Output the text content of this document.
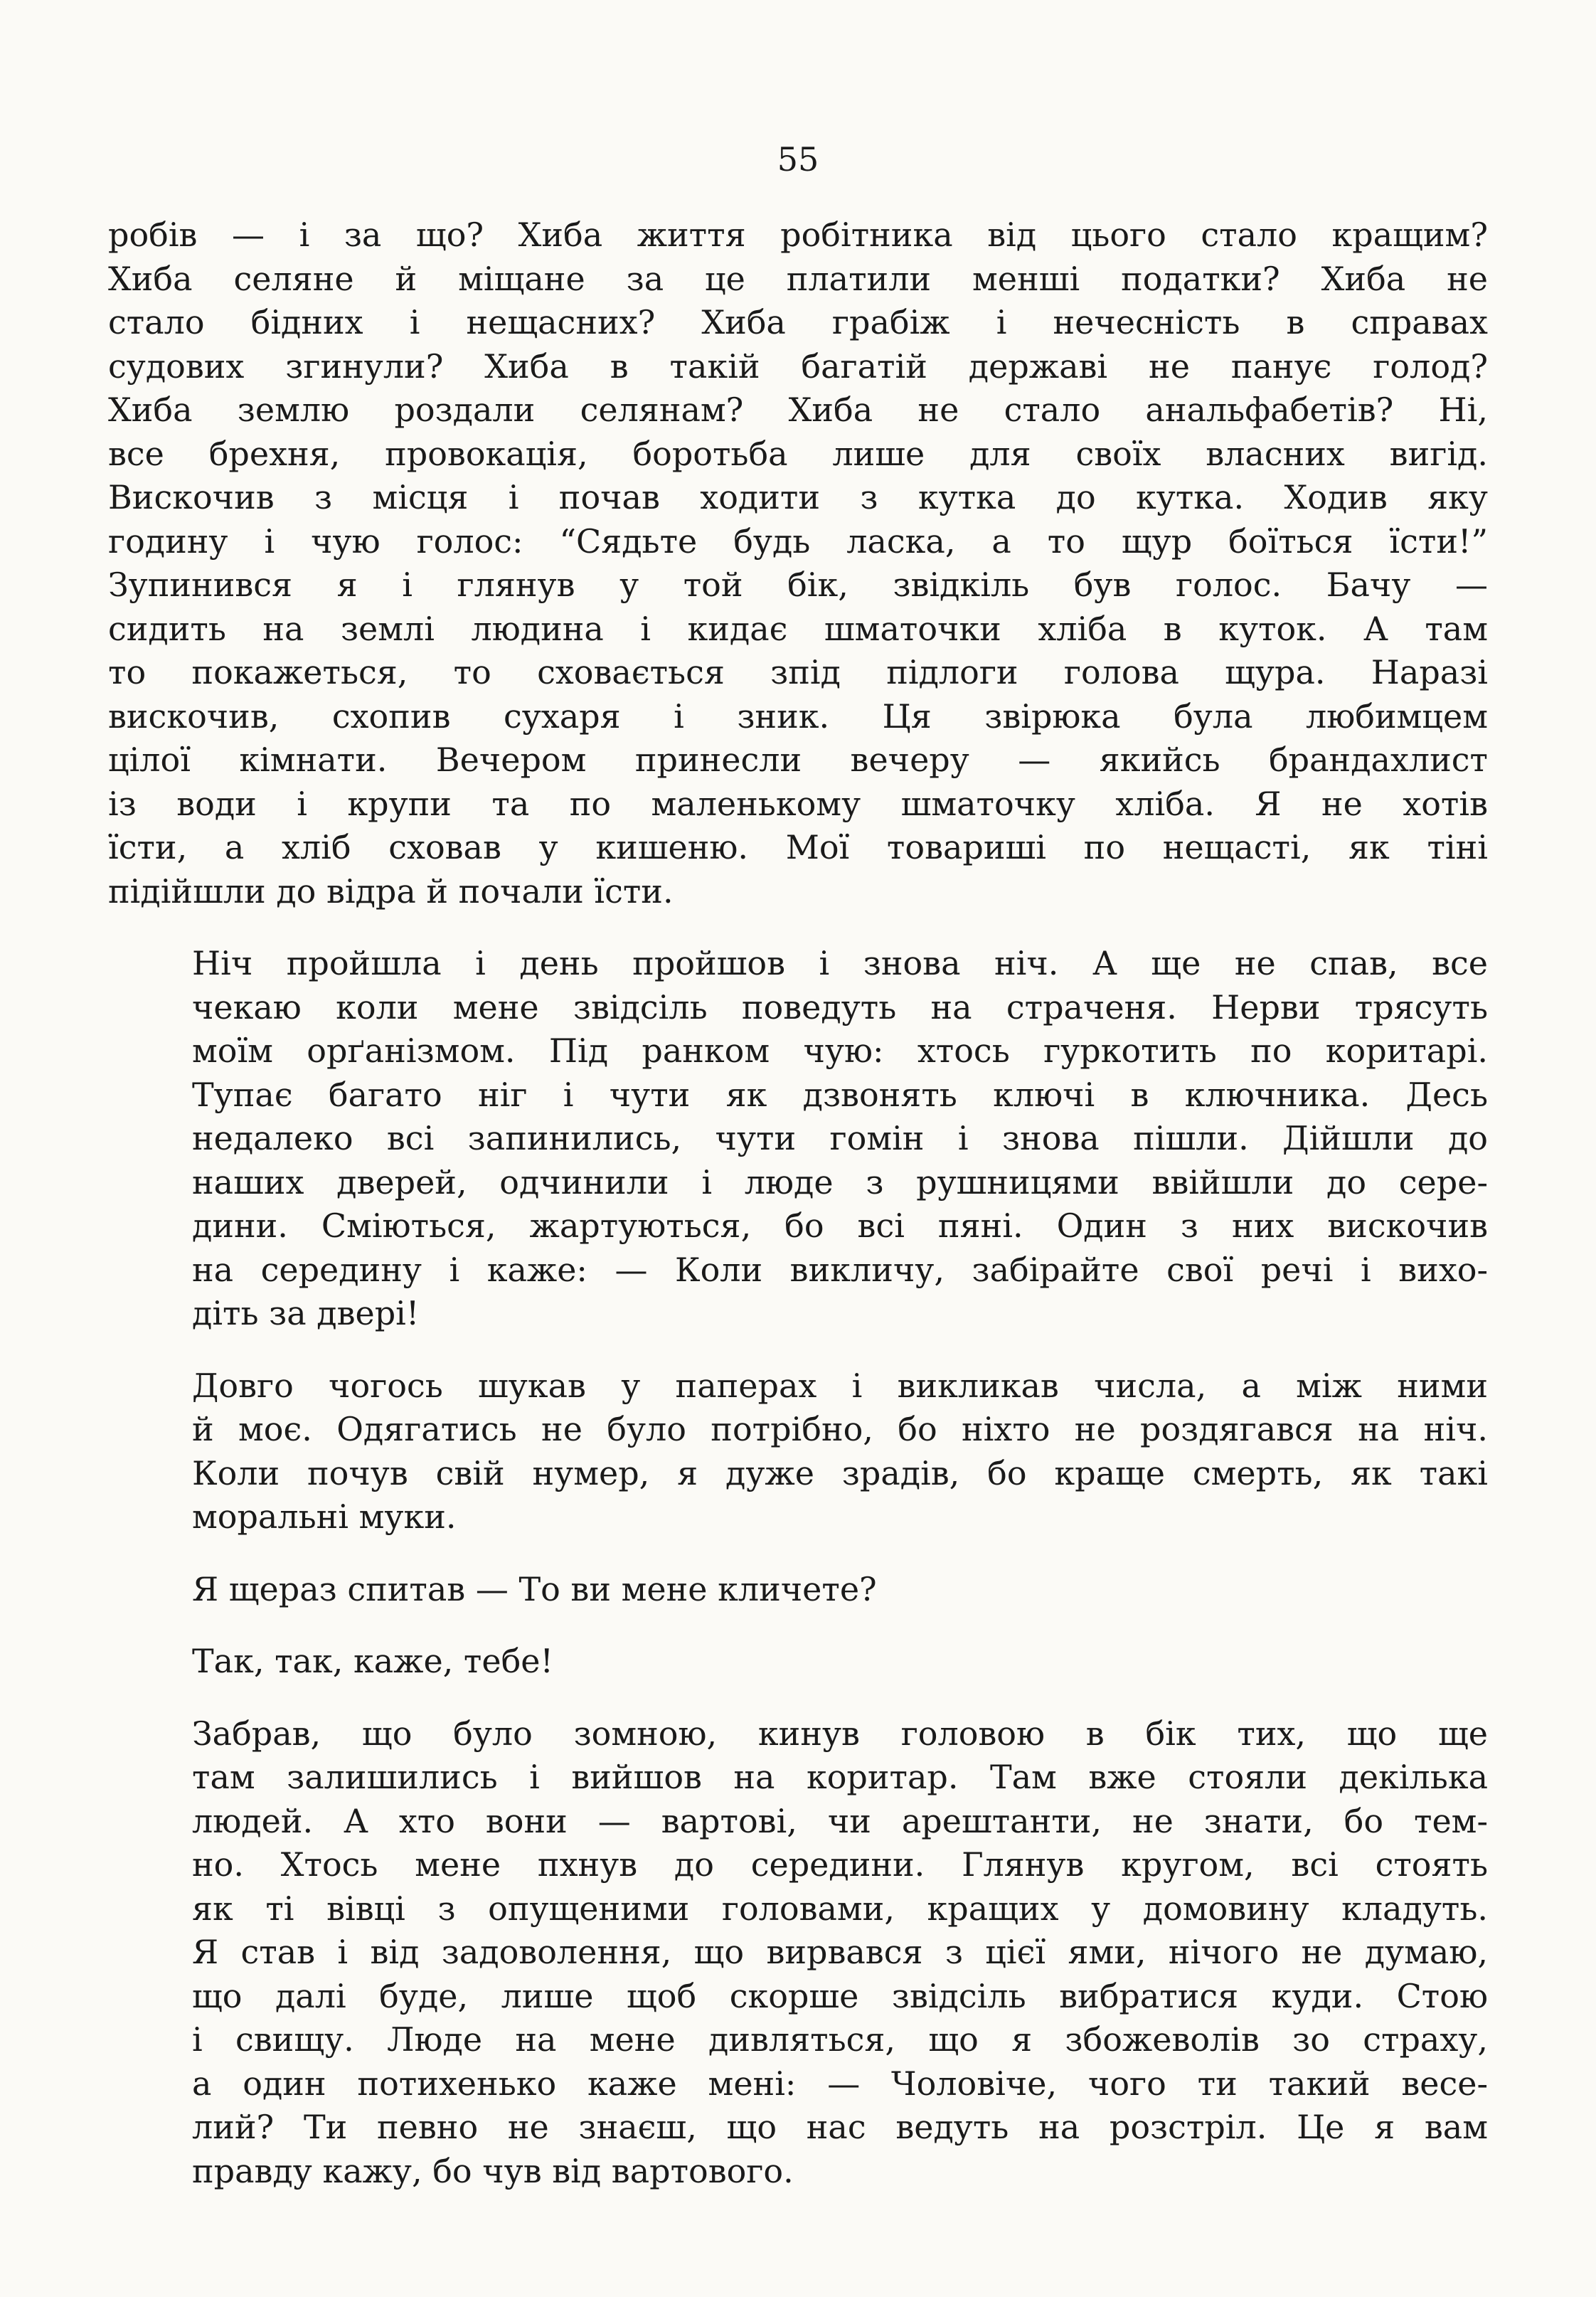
55
робів — і за що? Хиба життя робітника від цього стало кращим?
Хиба селяне й міщане за це платили менші податки? Хиба не
стало бідних і нещасних? Хиба грабіж і нечесність в справах
судових згинули? Хиба в такій багатій державі не панує голод?
Хиба землю роздали селянам? Хиба не стало анальфабетів? Ні,
все брехня, провокація, боротьба лише для своїх власних вигід.
Вискочив з місця і почав ходити з кутка до кутка. Ходив яку
годину і чую голос: “Сядьте будь ласка, а то щур боїться їсти!”
Зупинився я і глянув у той бік, звідкіль був голос. Бачу —
сидить на землі людина і кидає шматочки хліба в куток. А там
то покажеться, то сховається зпід підлоги голова щура. Наразі
вискочив, схопив сухаря і зник. Ця звірюка була любимцем
цілої кімнати. Вечером принесли вечеру — якийсь брандахлист
із води і крупи та по маленькому шматочку хліба. Я не хотів
їсти, а хліб сховав у кишеню. Мої товариші по нещасті, як тіні
підійшли до відра й почали їсти.
Ніч пройшла і день пройшов і знова ніч. А ще не спав, все
чекаю коли мене звідсіль поведуть на страченя. Нерви трясуть
моїм орґанізмом. Під ранком чую: хтось гуркотить по коритарі.
Тупає багато ніг і чути як дзвонять ключі в ключника. Десь
недалеко всі запинились, чути гомін і знова пішли. Дійшли до
наших дверей, одчинили і люде з рушницями ввійшли до сере-
дини. Сміються, жартуються, бо всі пяні. Один з них вискочив
на середину і каже: — Коли викличу, забірайте свої речі і вихо-
діть за двері!
Довго чогось шукав у паперах і викликав числа, а між ними
й моє. Одягатись не було потрібно, бо ніхто не роздягався на ніч.
Коли почув свій нумер, я дуже зрадів, бо краще смерть, як такі
моральні муки.
Я щераз спитав — То ви мене кличете?
Так, так, каже, тебе!
Забрав, що було зомною, кинув головою в бік тих, що ще
там залишились і вийшов на коритар. Там вже стояли декілька
людей. А хто вони — вартові, чи арештанти, не знати, бо тем-
но. Хтось мене пхнув до середини. Глянув кругом, всі стоять
як ті вівці з опущеними головами, кращих у домовину кладуть.
Я став і від задоволення, що вирвався з цієї ями, нічого не думаю,
що далі буде, лише щоб скорше звідсіль вибратися куди. Стою
і свищу. Люде на мене дивляться, що я збожеволів зо страху,
а один потихенько каже мені: — Чоловіче, чого ти такий весе-
лий? Ти певно не знаєш, що нас ведуть на розстріл. Це я вам
правду кажу, бо чув від вартового.
